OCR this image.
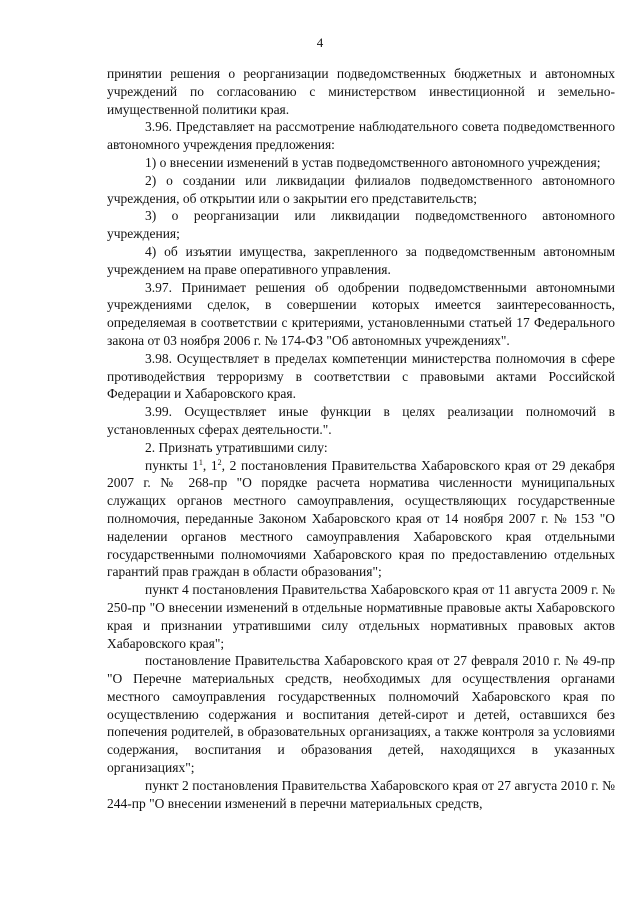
4

принятии решения о реорганизации подведомственных бюджетных и автономных учреждений по согласованию с министерством инвестиционной и земельно-имущественной политики края.

3.96. Представляет на рассмотрение наблюдательного совета подведомственного автономного учреждения предложения:

1) о внесении изменений в устав подведомственного автономного учреждения;

2) о создании или ликвидации филиалов подведомственного автономного учреждения, об открытии или о закрытии его представительств;

3) о реорганизации или ликвидации подведомственного автономного учреждения;

4) об изъятии имущества, закрепленного за подведомственным автономным учреждением на праве оперативного управления.

3.97. Принимает решения об одобрении подведомственными автономными учреждениями сделок, в совершении которых имеется заинтересованность, определяемая в соответствии с критериями, установленными статьей 17 Федерального закона от 03 ноября 2006 г. № 174-ФЗ "Об автономных учреждениях".

3.98. Осуществляет в пределах компетенции министерства полномочия в сфере противодействия терроризму в соответствии с правовыми актами Российской Федерации и Хабаровского края.

3.99. Осуществляет иные функции в целях реализации полномочий в установленных сферах деятельности.".

2. Признать утратившими силу:

пункты $1^1$, $1^2$, 2 постановления Правительства Хабаровского края от 29 декабря 2007 г. № 268-пр "О порядке расчета норматива численности муниципальных служащих органов местного самоуправления, осуществляющих государственные полномочия, переданные Законом Хабаровского края от 14 ноября 2007 г. № 153 "О наделении органов местного самоуправления Хабаровского края отдельными государственными полномочиями Хабаровского края по предоставлению отдельных гарантий прав граждан в области образования";

пункт 4 постановления Правительства Хабаровского края от 11 августа 2009 г. № 250-пр "О внесении изменений в отдельные нормативные правовые акты Хабаровского края и признании утратившими силу отдельных нормативных правовых актов Хабаровского края";

постановление Правительства Хабаровского края от 27 февраля 2010 г. № 49-пр "О Перечне материальных средств, необходимых для осуществления органами местного самоуправления государственных полномочий Хабаровского края по осуществлению содержания и воспитания детей-сирот и детей, оставшихся без попечения родителей, в образовательных организациях, а также контроля за условиями содержания, воспитания и образования детей, находящихся в указанных организациях";

пункт 2 постановления Правительства Хабаровского края от 27 августа 2010 г. № 244-пр "О внесении изменений в перечни материальных средств,
